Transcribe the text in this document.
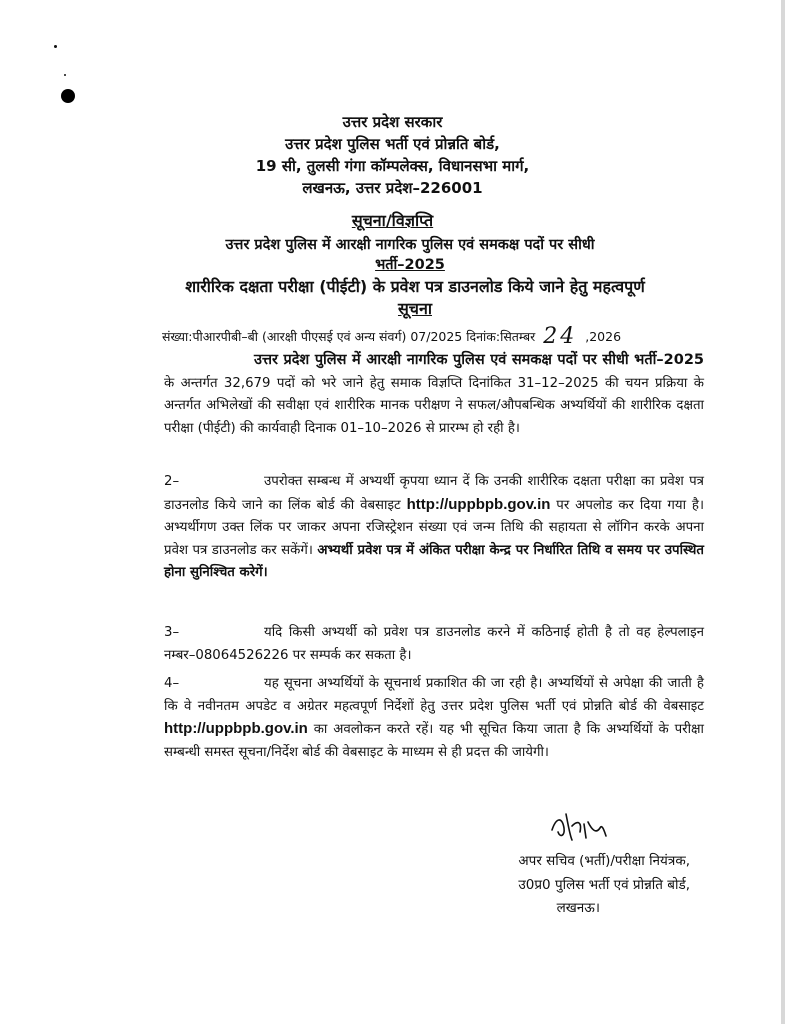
उत्तर प्रदेश सरकार
उत्तर प्रदेश पुलिस भर्ती एवं प्रोन्नति बोर्ड,
19 सी, तुलसी गंगा कॉम्पलेक्स, विधानसभा मार्ग,
लखनऊ, उत्तर प्रदेश–226001
सूचना/विज्ञप्ति
उत्तर प्रदेश पुलिस में आरक्षी नागरिक पुलिस एवं समकक्ष पदों पर सीधी
भर्ती–2025
शारीरिक दक्षता परीक्षा (पीईटी) के प्रवेश पत्र डाउनलोड किये जाने हेतु महत्वपूर्ण
सूचना
संख्या:पीआरपीबी–बी (आरक्षी पीएसई एवं अन्य संवर्ग) 07/2025 दिनांक:सितम्बर 24 ,2026
उत्तर प्रदेश पुलिस में आरक्षी नागरिक पुलिस एवं समकक्ष पदों पर सीधी भर्ती–2025 के अन्तर्गत 32,679 पदों को भरे जाने हेतु समाक विज्ञप्ति दिनांकित 31–12–2025 की चयन प्रक्रिया के अन्तर्गत अभिलेखों की सवीक्षा एवं शारीरिक मानक परीक्षण ने सफल/औपबन्धिक अभ्यर्थियों की शारीरिक दक्षता परीक्षा (पीईटी) की कार्यवाही दिनाक 01–10–2026 से प्रारम्भ हो रही है।
2–	उपरोक्त सम्बन्ध में अभ्यर्थी कृपया ध्यान दें कि उनकी शारीरिक दक्षता परीक्षा का प्रवेश पत्र डाउनलोड किये जाने का लिंक बोर्ड की वेबसाइट http://uppbpb.gov.in पर अपलोड कर दिया गया है। अभ्यर्थीगण उक्त लिंक पर जाकर अपना रजिस्ट्रेशन संख्या एवं जन्म तिथि की सहायता से लॉगिन करके अपना प्रवेश पत्र डाउनलोड कर सकेंगें। अभ्यर्थी प्रवेश पत्र में अंकित परीक्षा केन्द्र पर निर्धारित तिथि व समय पर उपस्थित होना सुनिश्चित करेगें।
3–	यदि किसी अभ्यर्थी को प्रवेश पत्र डाउनलोड करने में कठिनाई होती है तो वह हेल्पलाइन नम्बर–08064526226 पर सम्पर्क कर सकता है।
4–	यह सूचना अभ्यर्थियों के सूचनार्थ प्रकाशित की जा रही है। अभ्यर्थियों से अपेक्षा की जाती है कि वे नवीनतम अपडेट व अग्रेतर महत्वपूर्ण निर्देशों हेतु उत्तर प्रदेश पुलिस भर्ती एवं प्रोन्नति बोर्ड की वेबसाइट http://uppbpb.gov.in का अवलोकन करते रहें। यह भी सूचित किया जाता है कि अभ्यर्थियों के परीक्षा सम्बन्धी समस्त सूचना/निर्देश बोर्ड की वेबसाइट के माध्यम से ही प्रदत्त की जायेगी।
अपर सचिव (भर्ती)/परीक्षा नियंत्रक,
उ0प्र0 पुलिस भर्ती एवं प्रोन्नति बोर्ड,
लखनऊ।
